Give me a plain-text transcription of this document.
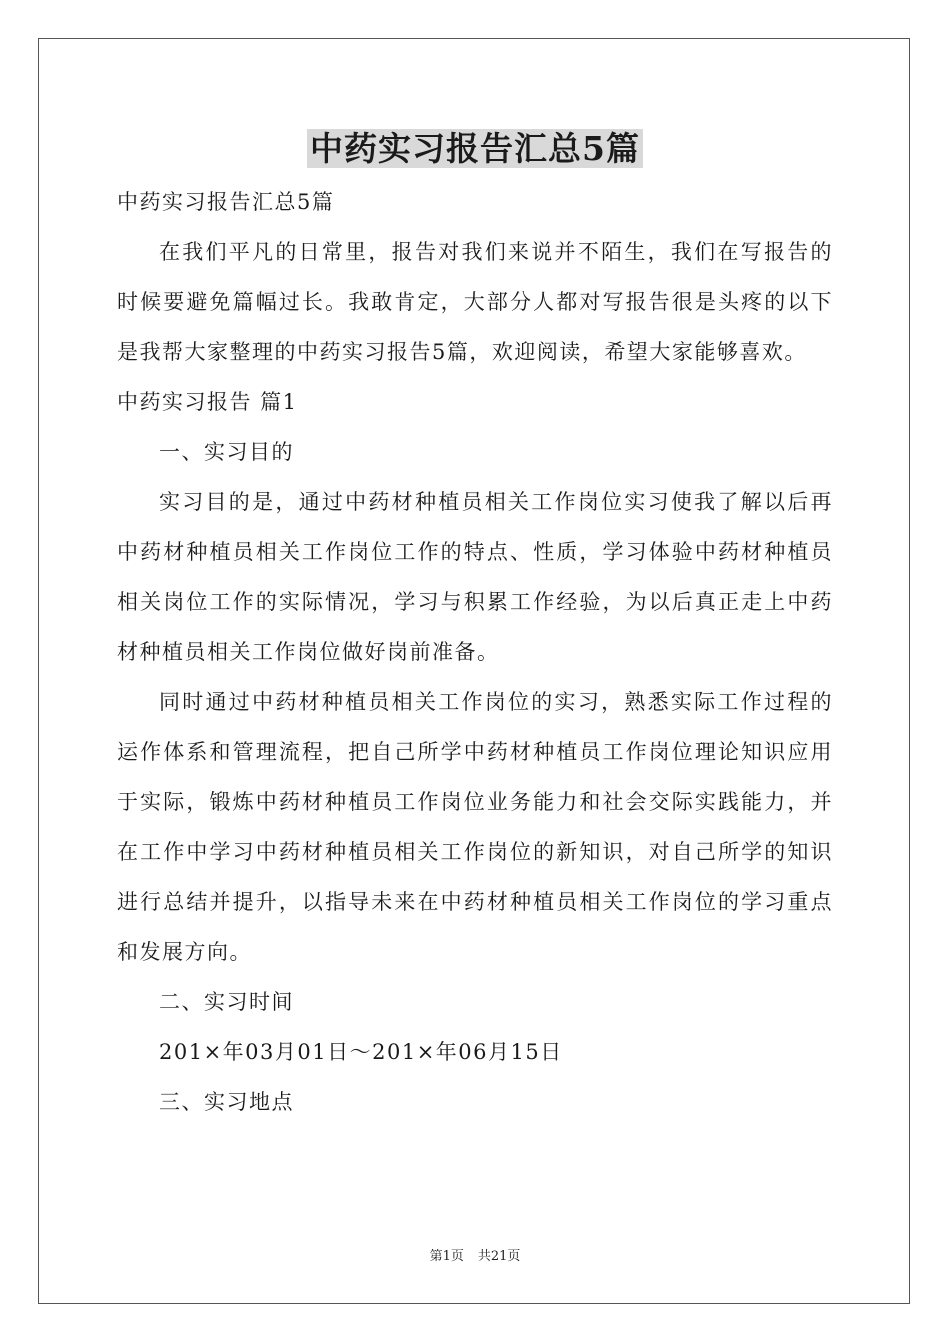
中药实习报告汇总5篇

中药实习报告汇总5篇

在我们平凡的日常里，报告对我们来说并不陌生，我们在写报告的时候要避免篇幅过长。我敢肯定，大部分人都对写报告很是头疼的以下是我帮大家整理的中药实习报告5篇，欢迎阅读，希望大家能够喜欢。

中药实习报告 篇1

一、实习目的

实习目的是，通过中药材种植员相关工作岗位实习使我了解以后再中药材种植员相关工作岗位工作的特点、性质，学习体验中药材种植员相关岗位工作的实际情况，学习与积累工作经验，为以后真正走上中药材种植员相关工作岗位做好岗前准备。

同时通过中药材种植员相关工作岗位的实习，熟悉实际工作过程的运作体系和管理流程，把自己所学中药材种植员工作岗位理论知识应用于实际，锻炼中药材种植员工作岗位业务能力和社会交际实践能力，并在工作中学习中药材种植员相关工作岗位的新知识，对自己所学的知识进行总结并提升，以指导未来在中药材种植员相关工作岗位的学习重点和发展方向。

二、实习时间

201×年03月01日～201×年06月15日

三、实习地点

第1页 共21页
